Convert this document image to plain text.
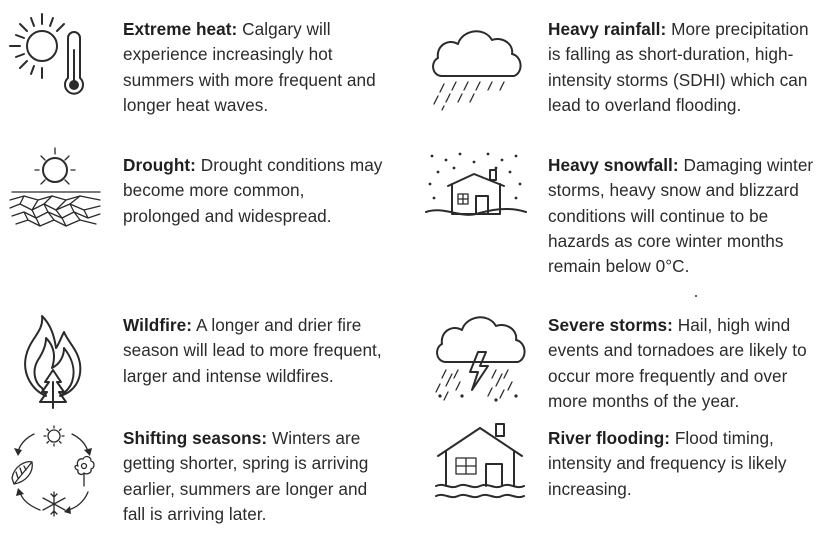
Extreme heat: Calgary will experience increasingly hot summers with more frequent and longer heat waves.
Drought: Drought conditions may become more common, prolonged and widespread.
Wildfire: A longer and drier fire season will lead to more frequent, larger and intense wildfires.
Shifting seasons: Winters are getting shorter, spring is arriving earlier, summers are longer and fall is arriving later.
Heavy rainfall: More precipitation is falling as short-duration, high-intensity storms (SDHI) which can lead to overland flooding.
Heavy snowfall: Damaging winter storms, heavy snow and blizzard conditions will continue to be hazards as core winter months remain below 0°C.
Severe storms: Hail, high wind events and tornadoes are likely to occur more frequently and over more months of the year.
River flooding: Flood timing, intensity and frequency is likely increasing.
